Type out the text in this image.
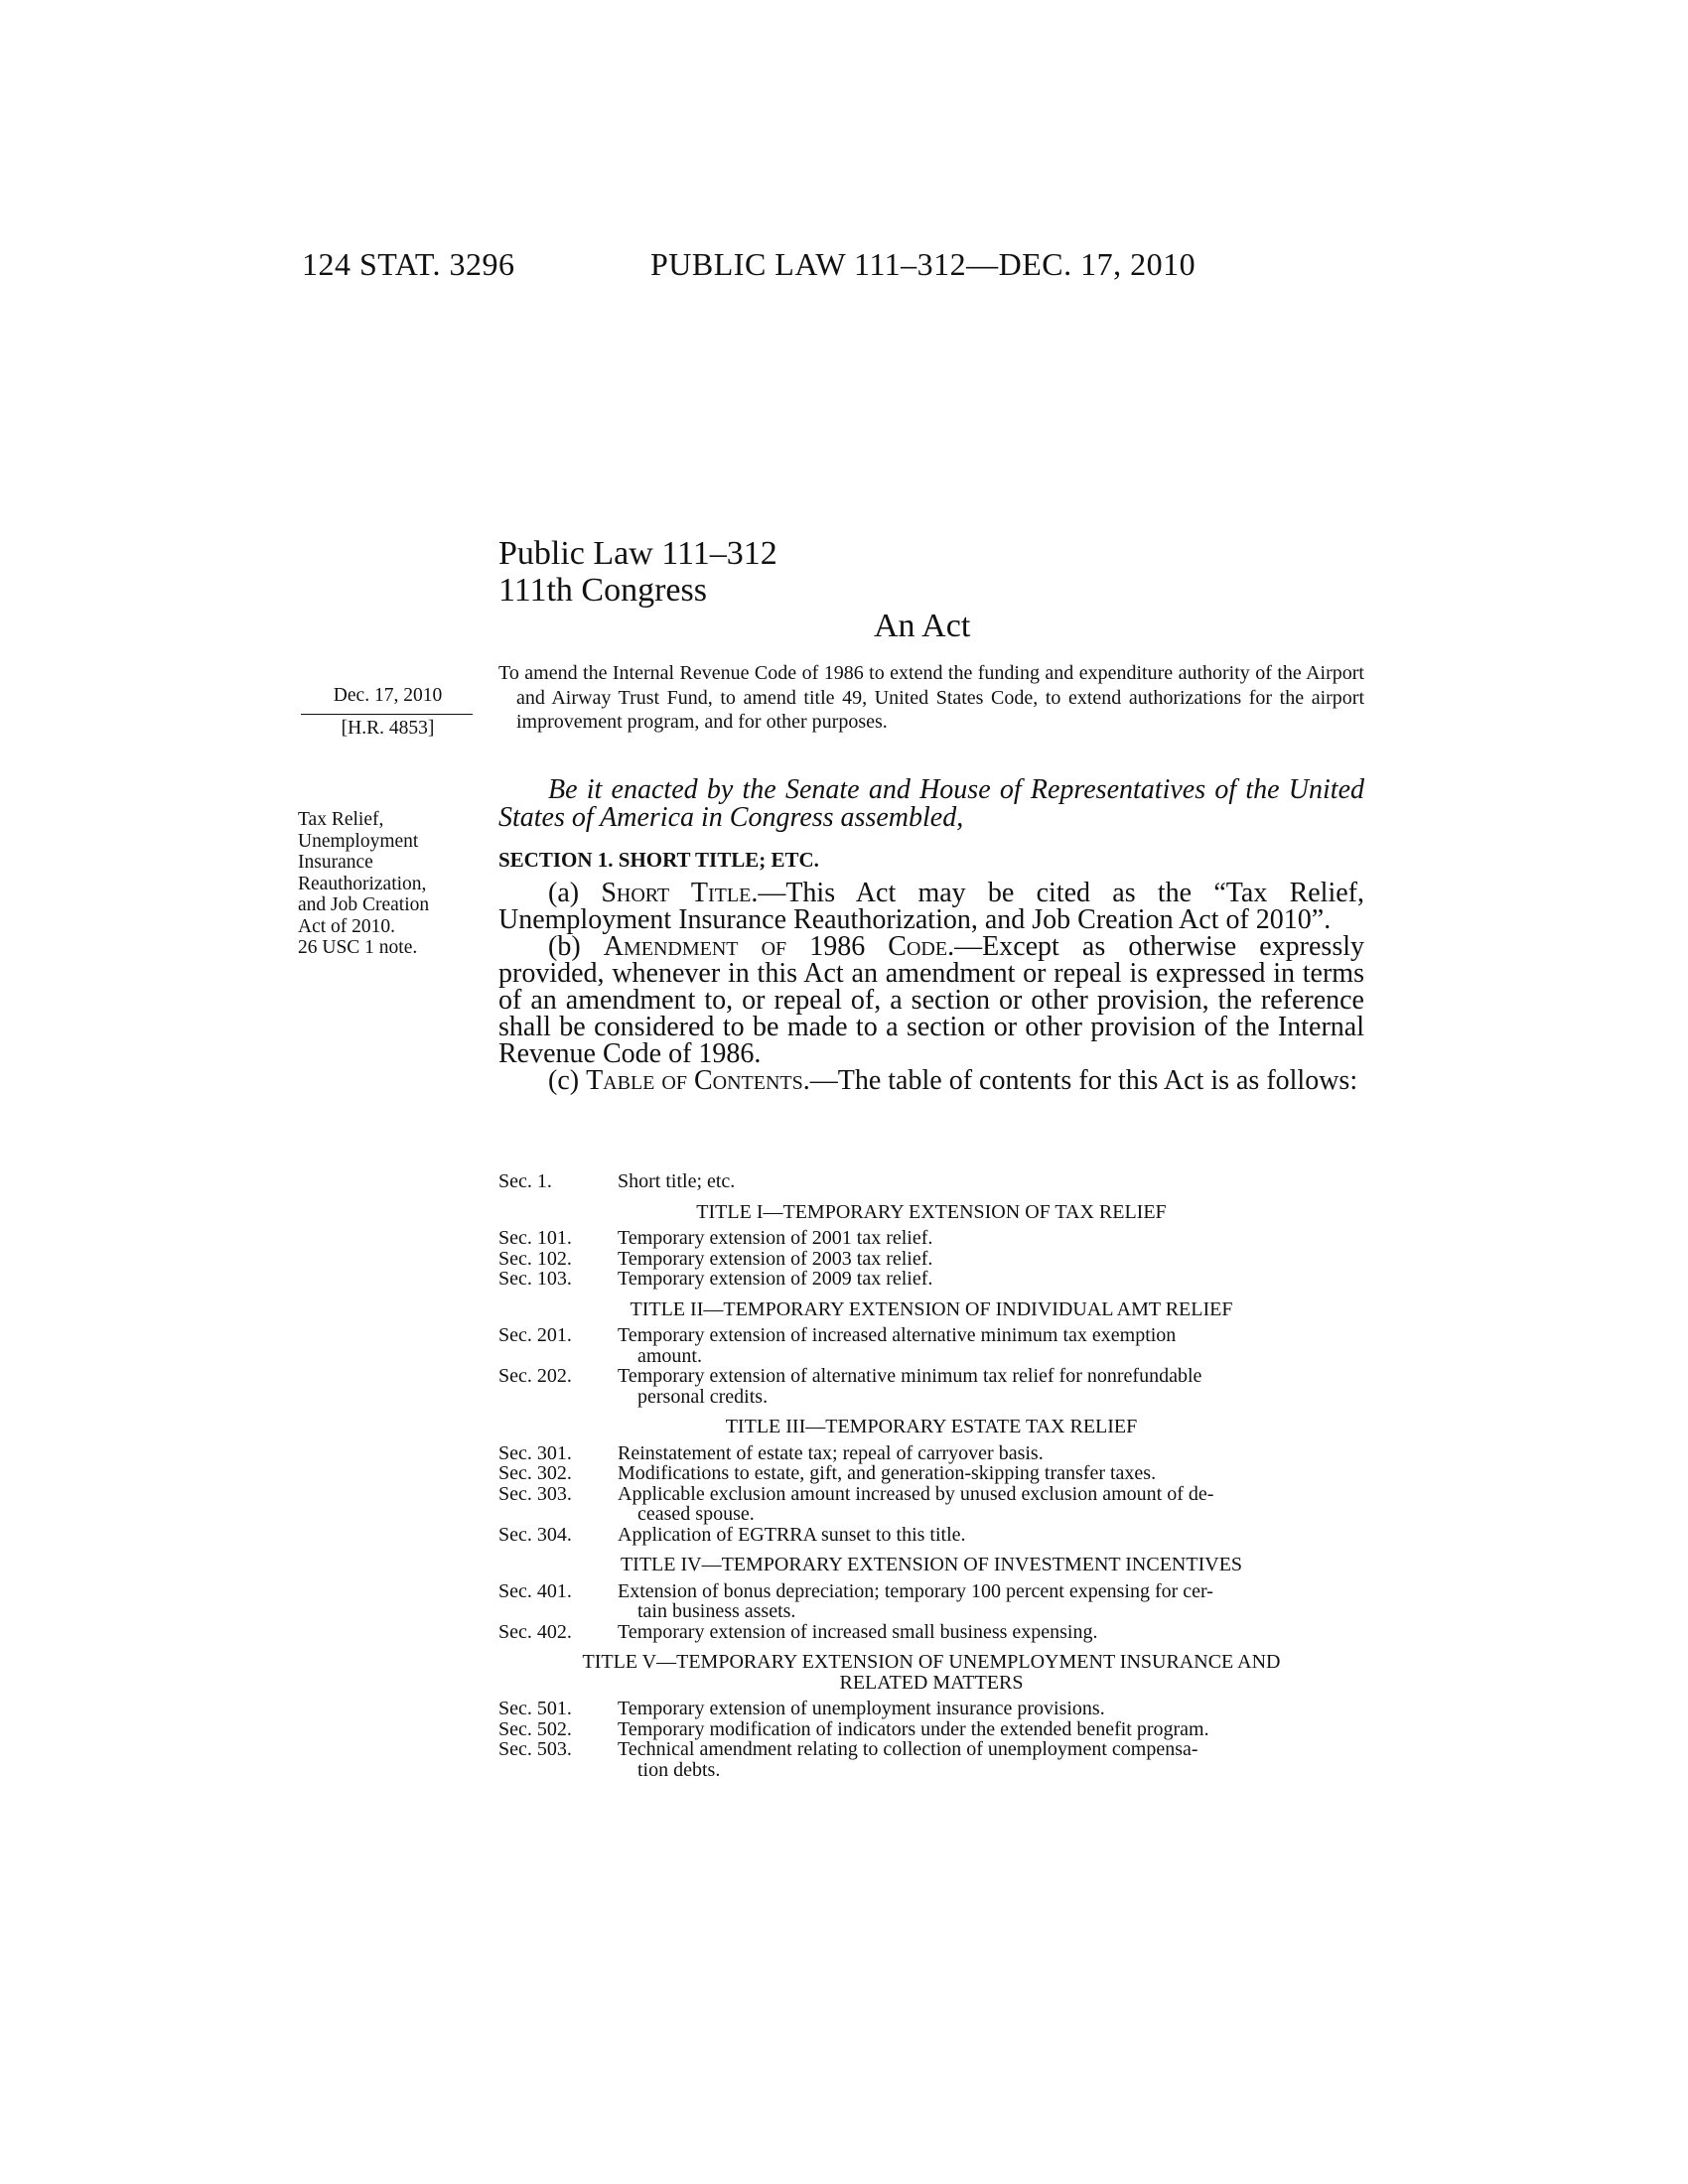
124 STAT. 3296	PUBLIC LAW 111–312—DEC. 17, 2010
Public Law 111–312
111th Congress
An Act
To amend the Internal Revenue Code of 1986 to extend the funding and expenditure authority of the Airport and Airway Trust Fund, to amend title 49, United States Code, to extend authorizations for the airport improvement program, and for other purposes.
Dec. 17, 2010
[H.R. 4853]
Tax Relief,
Unemployment
Insurance
Reauthorization,
and Job Creation
Act of 2010.
26 USC 1 note.
Be it enacted by the Senate and House of Representatives of the United States of America in Congress assembled,
SECTION 1. SHORT TITLE; ETC.

(a) Short Title.—This Act may be cited as the “Tax Relief, Unemployment Insurance Reauthorization, and Job Creation Act of 2010”.

(b) Amendment of 1986 Code.—Except as otherwise expressly provided, whenever in this Act an amendment or repeal is expressed in terms of an amendment to, or repeal of, a section or other provision, the reference shall be considered to be made to a section or other provision of the Internal Revenue Code of 1986.

(c) Table of Contents.—The table of contents for this Act is as follows:

Sec. 1.	Short title; etc.
TITLE I—TEMPORARY EXTENSION OF TAX RELIEF
Sec. 101.	Temporary extension of 2001 tax relief.
Sec. 102.	Temporary extension of 2003 tax relief.
Sec. 103.	Temporary extension of 2009 tax relief.
TITLE II—TEMPORARY EXTENSION OF INDIVIDUAL AMT RELIEF
Sec. 201.	Temporary extension of increased alternative minimum tax exemption
amount.
Sec. 202.	Temporary extension of alternative minimum tax relief for nonrefundable
personal credits.
TITLE III—TEMPORARY ESTATE TAX RELIEF
Sec. 301.	Reinstatement of estate tax; repeal of carryover basis.
Sec. 302.	Modifications to estate, gift, and generation-skipping transfer taxes.
Sec. 303.	Applicable exclusion amount increased by unused exclusion amount of de-
ceased spouse.
Sec. 304.	Application of EGTRRA sunset to this title.
TITLE IV—TEMPORARY EXTENSION OF INVESTMENT INCENTIVES
Sec. 401.	Extension of bonus depreciation; temporary 100 percent expensing for cer-
tain business assets.
Sec. 402.	Temporary extension of increased small business expensing.
TITLE V—TEMPORARY EXTENSION OF UNEMPLOYMENT INSURANCE AND
RELATED MATTERS
Sec. 501.	Temporary extension of unemployment insurance provisions.
Sec. 502.	Temporary modification of indicators under the extended benefit program.
Sec. 503.	Technical amendment relating to collection of unemployment compensa-
tion debts.
